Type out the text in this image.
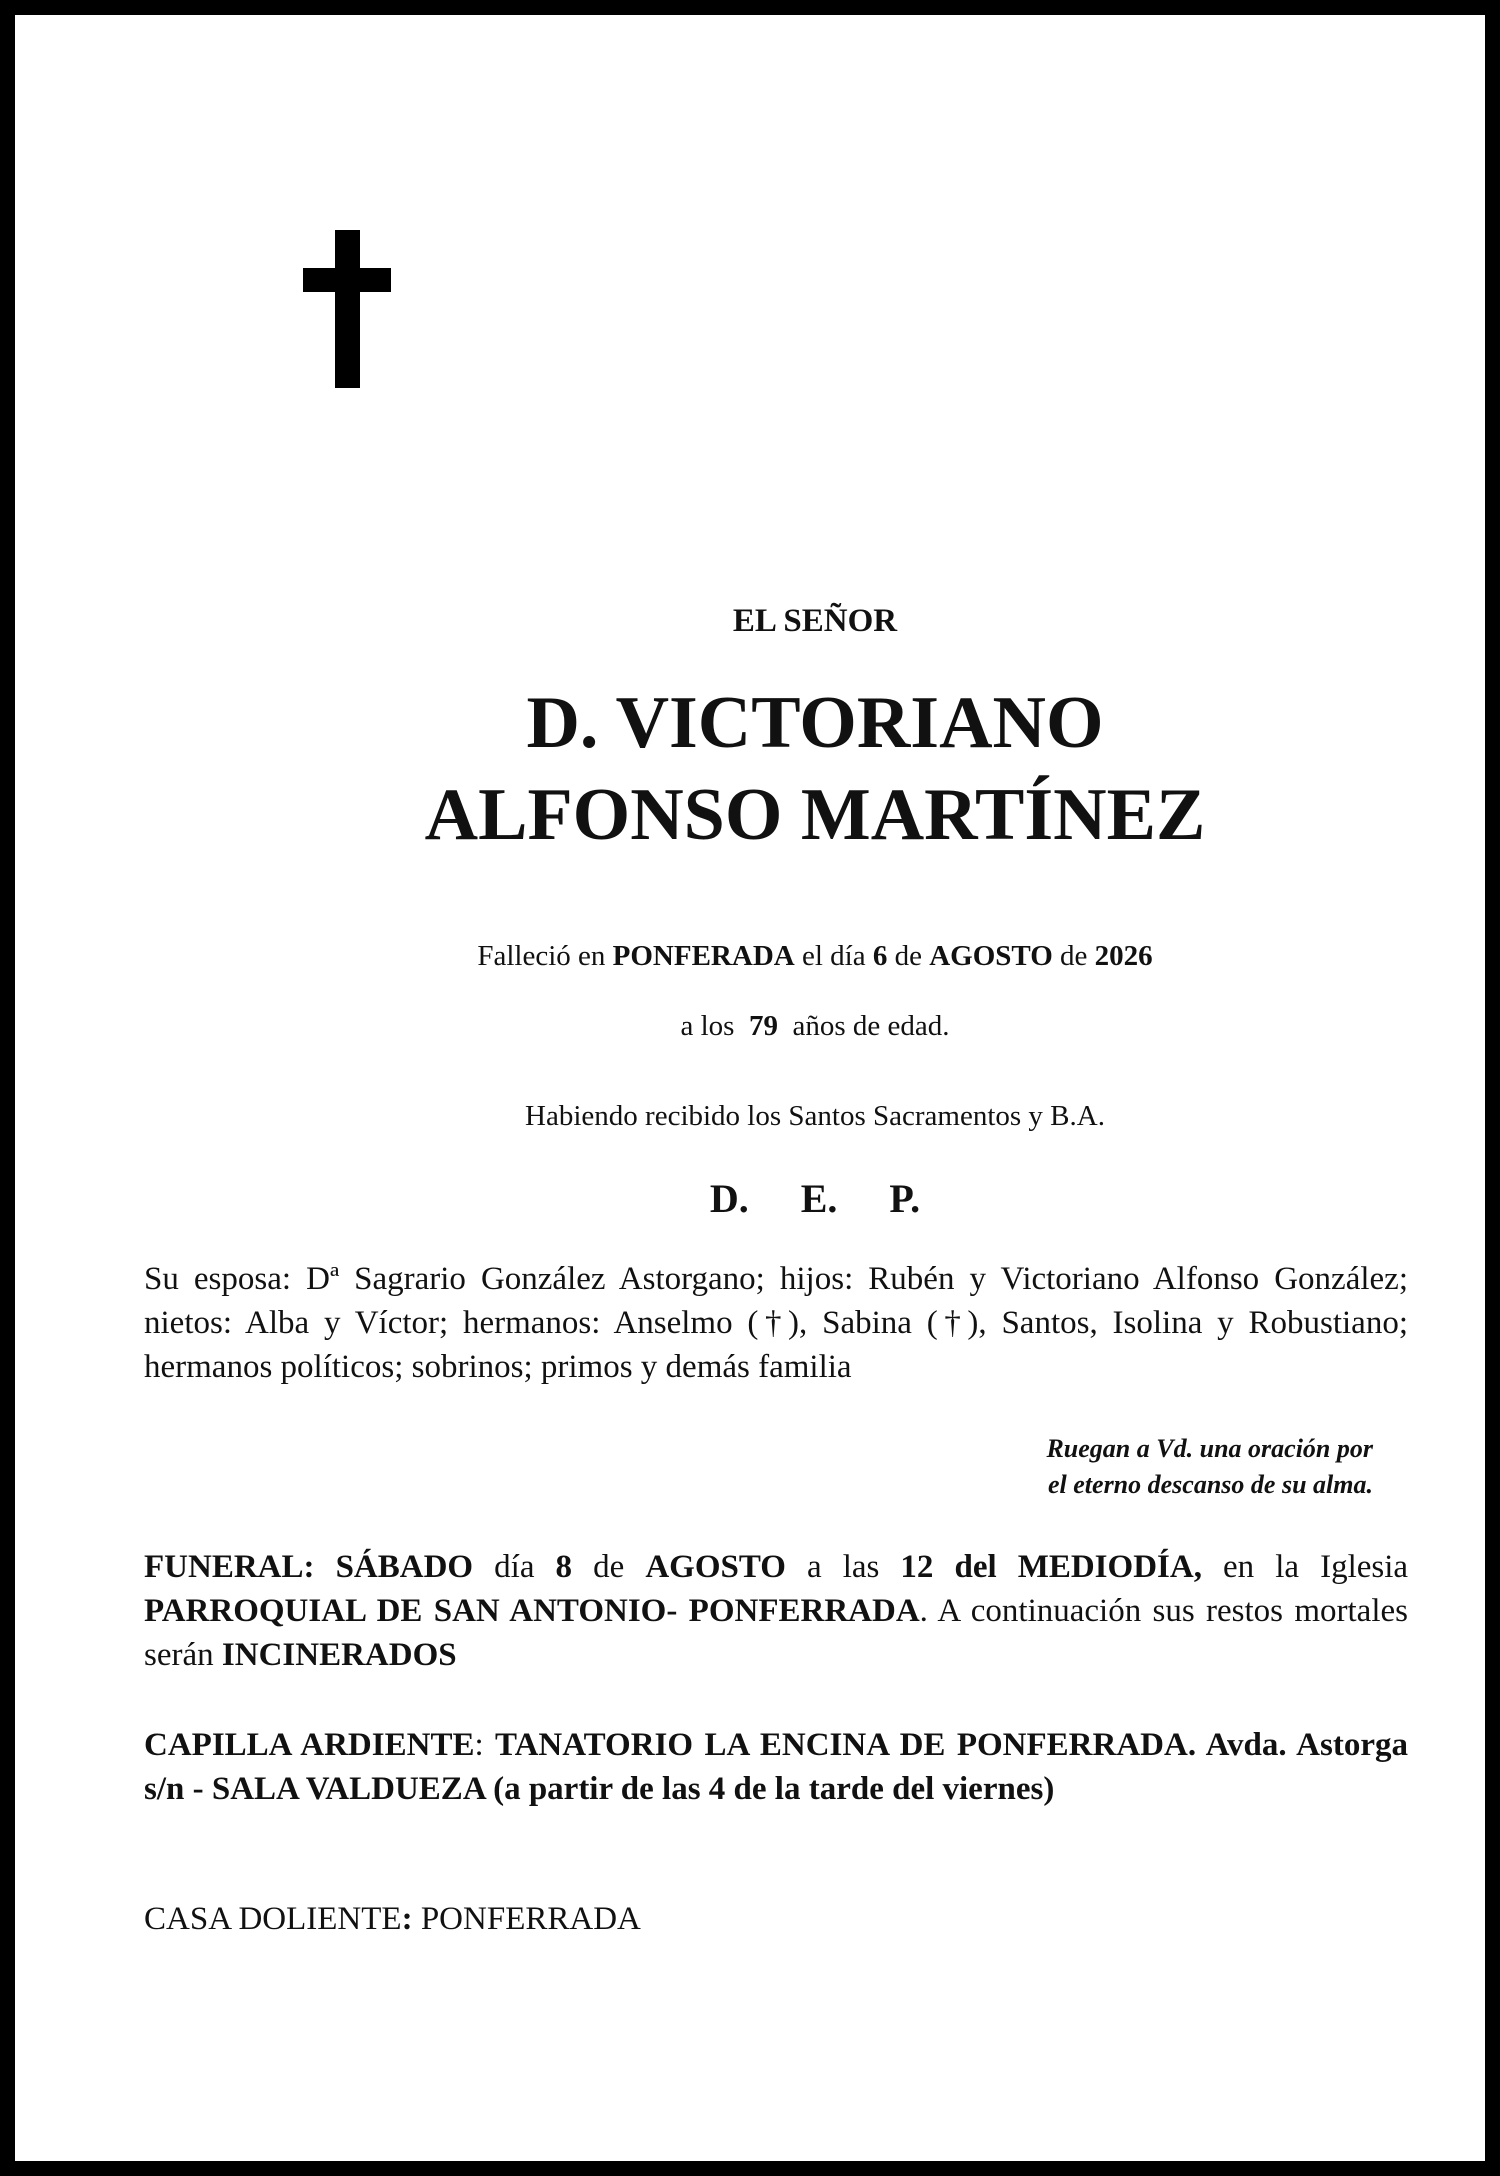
EL SEÑOR
D. VICTORIANO
ALFONSO MARTÍNEZ
Falleció en PONFERADA el día 6 de AGOSTO de 2026
a los 79 años de edad.
Habiendo recibido los Santos Sacramentos y B.A.
D. E. P.
Su esposa: Dª Sagrario González Astorgano; hijos: Rubén y Victoriano Alfonso González; nietos: Alba y Víctor; hermanos: Anselmo (†), Sabina (†), Santos, Isolina y Robustiano; hermanos políticos; sobrinos; primos y demás familia
Ruegan a Vd. una oración por
el eterno descanso de su alma.
FUNERAL: SÁBADO día 8 de AGOSTO a las 12 del MEDIODÍA, en la Iglesia PARROQUIAL DE SAN ANTONIO- PONFERRADA. A continuación sus restos mortales serán INCINERADOS
CAPILLA ARDIENTE: TANATORIO LA ENCINA DE PONFERRADA. Avda. Astorga s/n - SALA VALDUEZA (a partir de las 4 de la tarde del viernes)
CASA DOLIENTE: PONFERRADA
